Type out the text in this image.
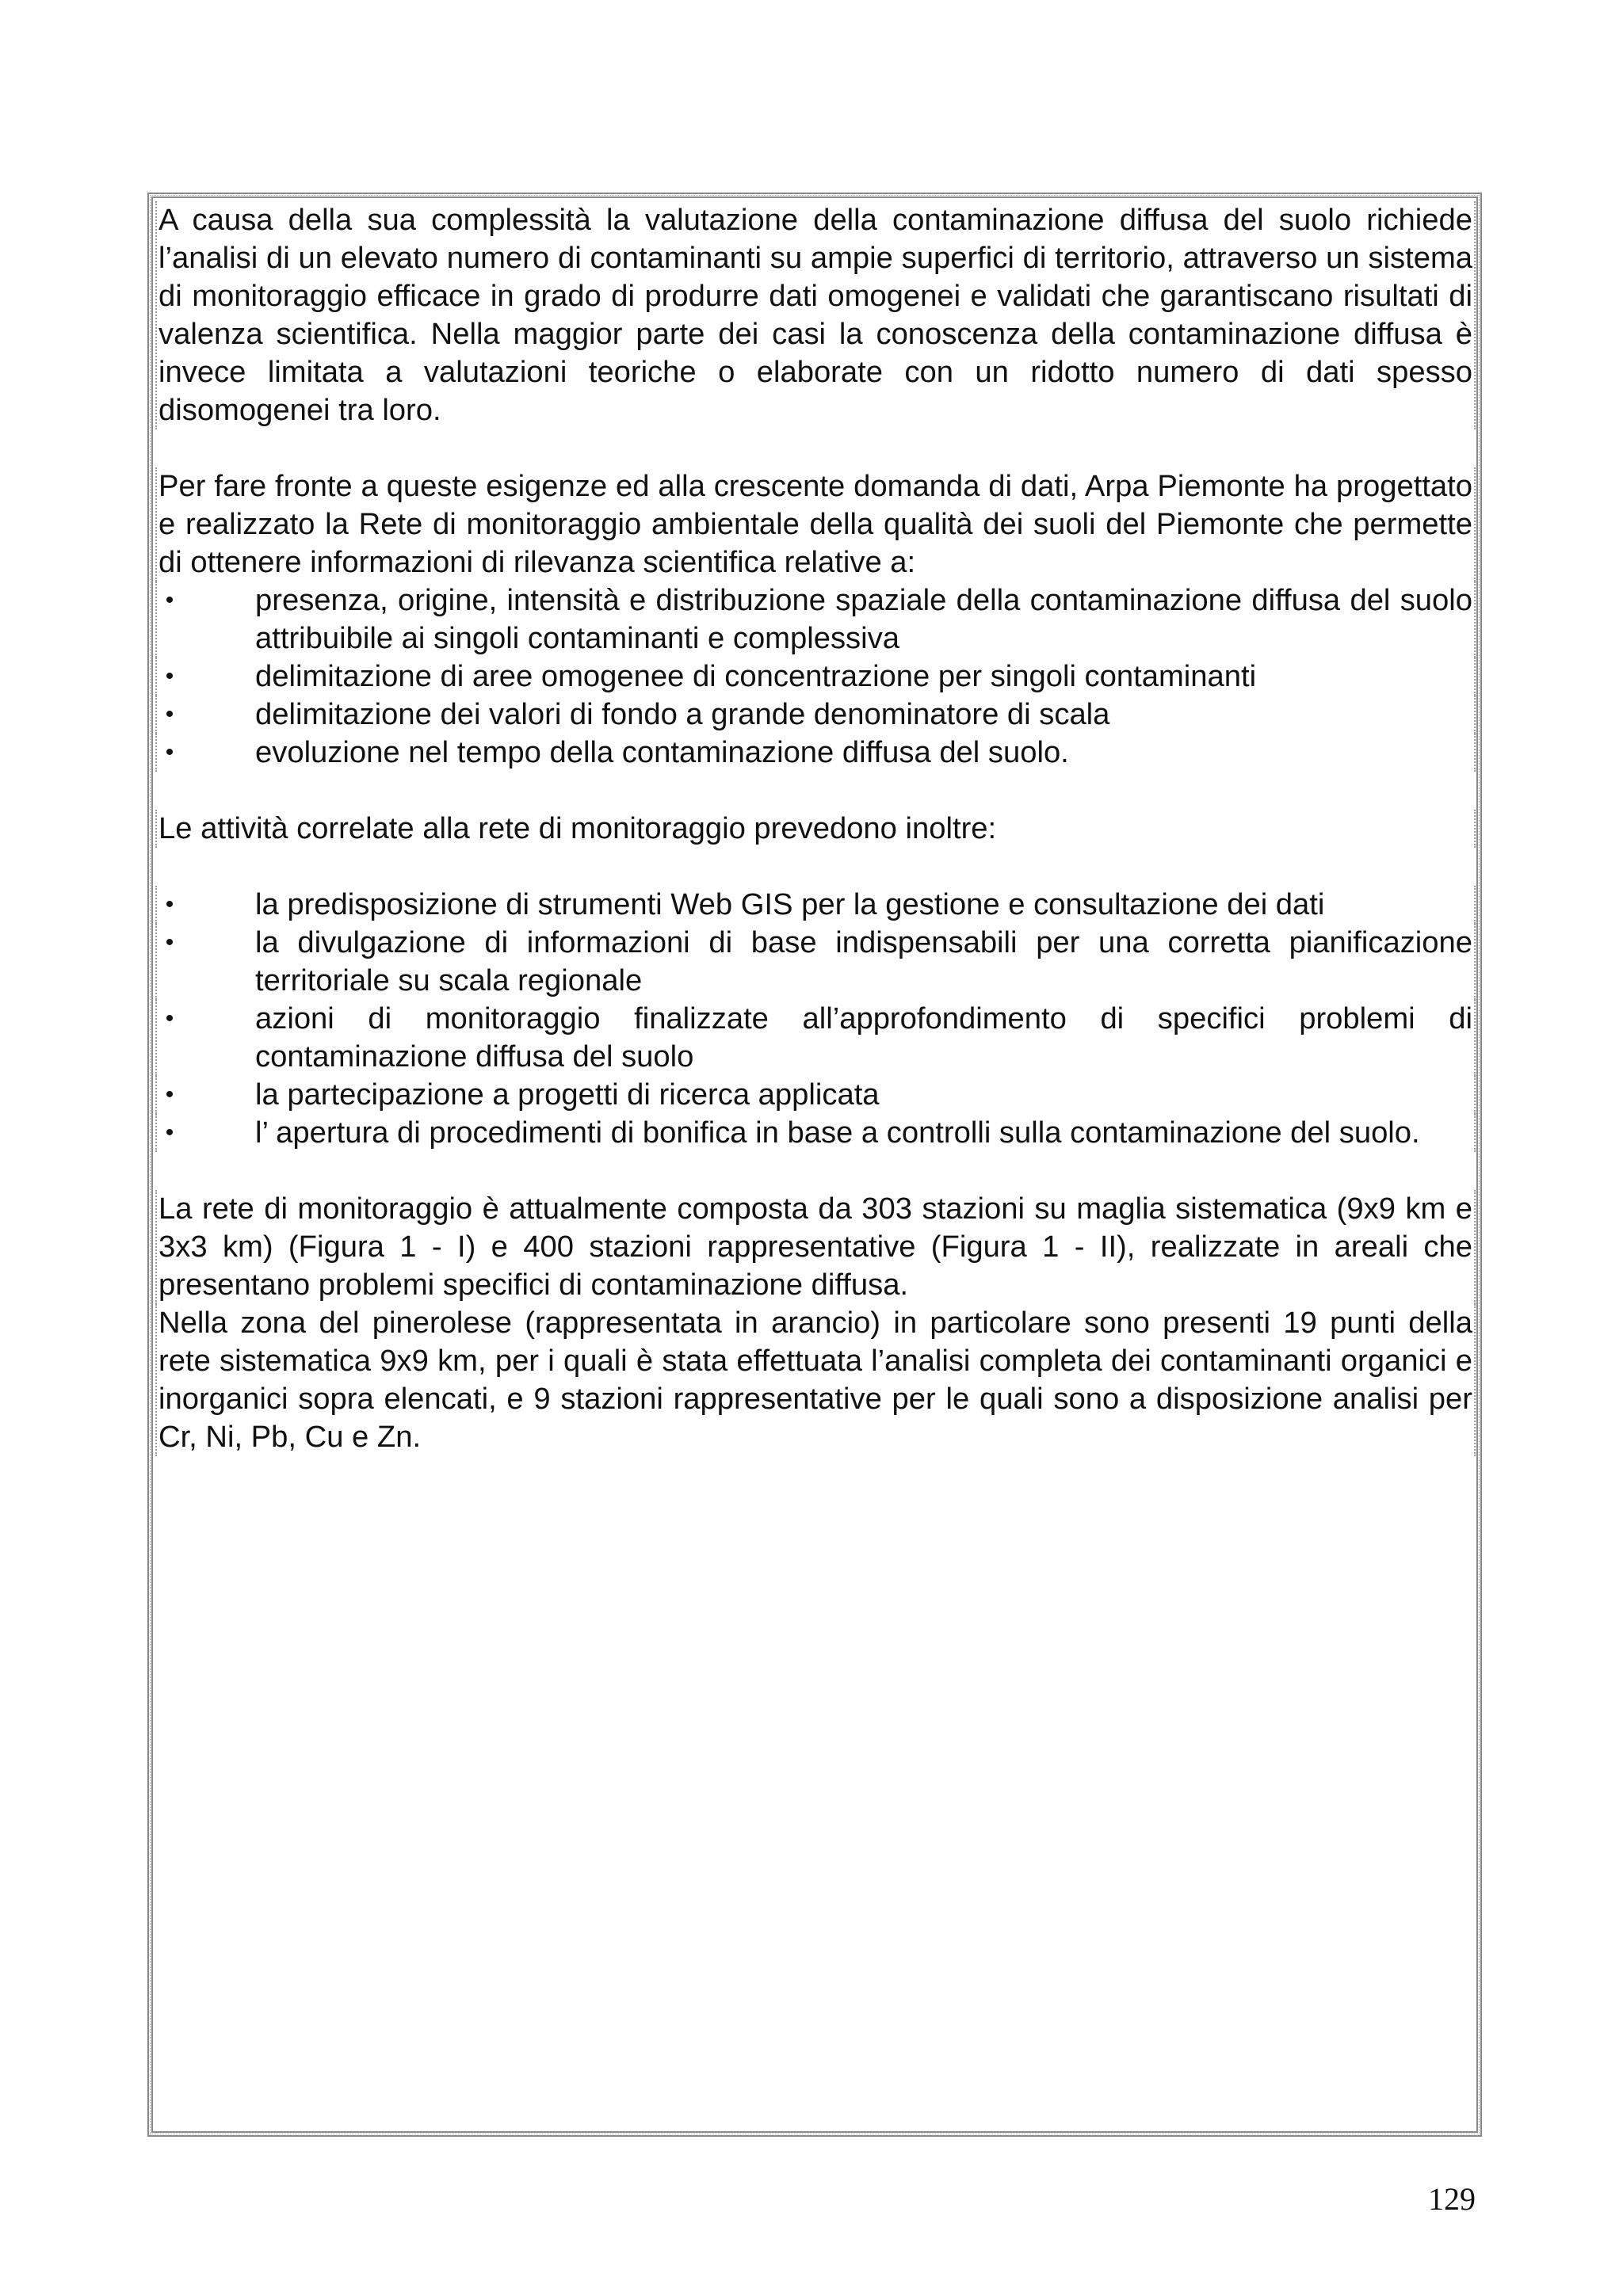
A causa della sua complessità la valutazione della contaminazione diffusa del suolo richiede l’analisi di un elevato numero di contaminanti su ampie superfici di territorio, attraverso un sistema di monitoraggio efficace in grado di produrre dati omogenei e validati che garantiscano risultati di valenza scientifica. Nella maggior parte dei casi la conoscenza della contaminazione diffusa è invece limitata a valutazioni teoriche o elaborate con un ridotto numero di dati spesso disomogenei tra loro.

Per fare fronte a queste esigenze ed alla crescente domanda di dati, Arpa Piemonte ha progettato e realizzato la Rete di monitoraggio ambientale della qualità dei suoli del Piemonte che permette di ottenere informazioni di rilevanza scientifica relative a:

•	presenza, origine, intensità e distribuzione spaziale della contaminazione diffusa del suolo attribuibile ai singoli contaminanti e complessiva
•	delimitazione di aree omogenee di concentrazione per singoli contaminanti
•	delimitazione dei valori di fondo a grande denominatore di scala
•	evoluzione nel tempo della contaminazione diffusa del suolo.

Le attività correlate alla rete di monitoraggio prevedono inoltre:

•	la predisposizione di strumenti Web GIS per la gestione e consultazione dei dati
•	la divulgazione di informazioni di base indispensabili per una corretta pianificazione territoriale su scala regionale
•	azioni di monitoraggio finalizzate all’approfondimento di specifici problemi di contaminazione diffusa del suolo
•	la partecipazione a progetti di ricerca applicata
•	l’ apertura di procedimenti di bonifica in base a controlli sulla contaminazione del suolo.

La rete di monitoraggio è attualmente composta da 303 stazioni su maglia sistematica (9x9 km e 3x3 km) (Figura 1 - I) e 400 stazioni rappresentative (Figura 1 - II), realizzate in areali che presentano problemi specifici di contaminazione diffusa.

Nella zona del pinerolese (rappresentata in arancio) in particolare sono presenti 19 punti della rete sistematica 9x9 km, per i quali è stata effettuata l’analisi completa dei contaminanti organici e inorganici sopra elencati, e 9 stazioni rappresentative per le quali sono a disposizione analisi per Cr, Ni, Pb, Cu e Zn.

129
